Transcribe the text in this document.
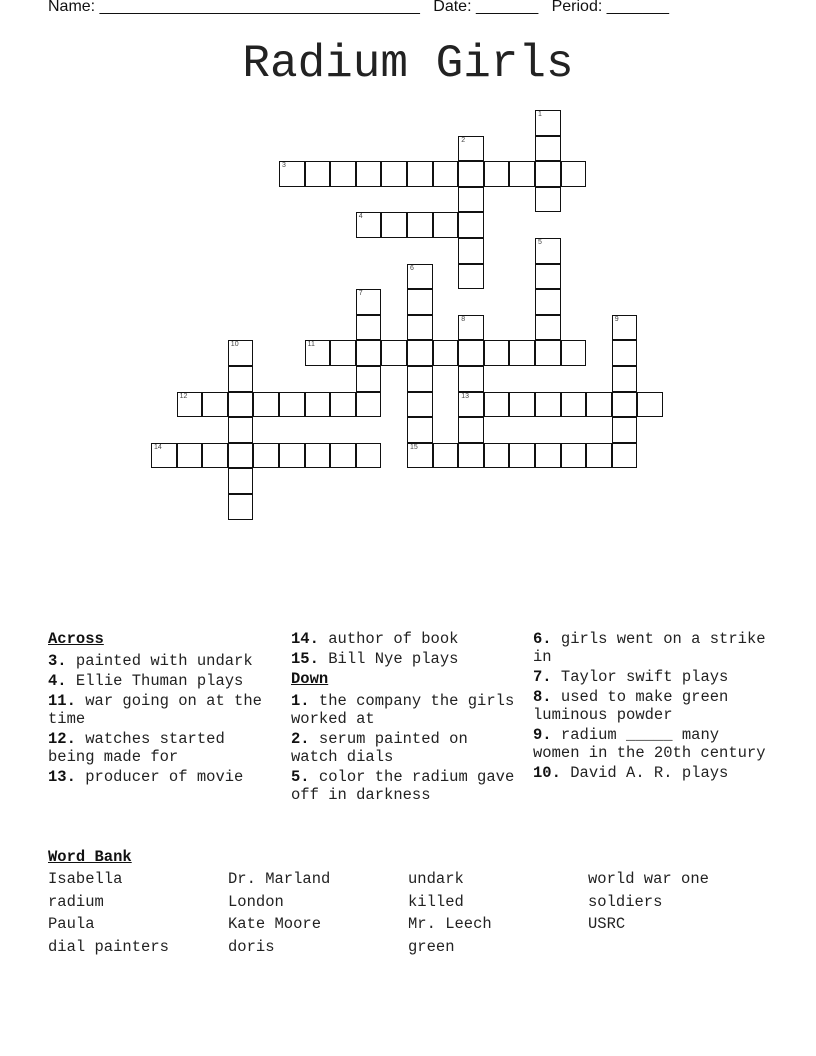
Name: ____________________________________ Date: _______ Period: _______
Radium Girls
3
4
11
12	13
14	15
1
2
5
6
7
8	9
10
Across
3. painted with undark
4. Ellie Thuman plays
11. war going on at the time
12. watches started being made for
13. producer of movie
14. author of book
15. Bill Nye plays
Down
1. the company the girls worked at
2. serum painted on watch dials
5. color the radium gave off in darkness
6. girls went on a strike in
7. Taylor swift plays
8. used to make green luminous powder
9. radium _____ many women in the 20th century
10. David A. R. plays
Word Bank
Isabella	Dr. Marland	undark	world war one
radium	London	killed	soldiers
Paula	Kate Moore	Mr. Leech	USRC
dial painters	doris	green
